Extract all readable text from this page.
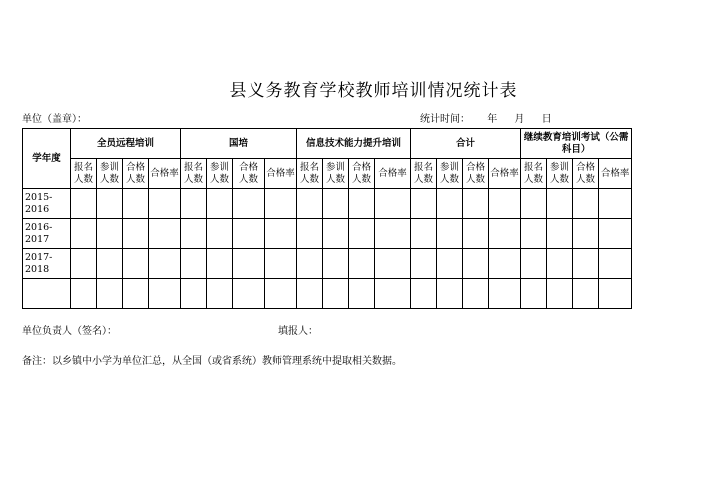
县义务教育学校教师培训情况统计表
单位（盖章）：	统计时间： 年 月 日
学年度	全员远程培训				国培				信息技术能力提升培训				合计				继续教育培训考试（公需科目）			
	报名人数	参训人数	合格人数	合格率	报名人数	参训人数	合格人数	合格率	报名人数	参训人数	合格人数	合格率	报名人数	参训人数	合格人数	合格率	报名人数	参训人数	合格人数	合格率
2015-2016																				
2016-2017																				
2017-2018																				

单位负责人（签名）：	填报人：
备注：以乡镇中小学为单位汇总，从全国（或省系统）教师管理系统中提取相关数据。
